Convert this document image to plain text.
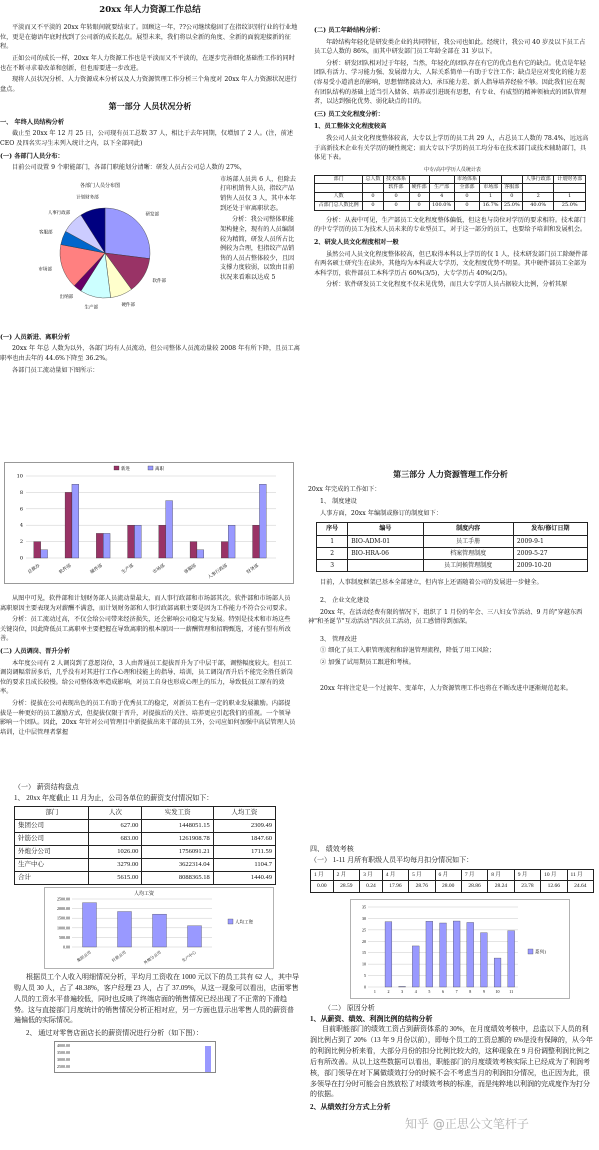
20xx 年人力资源工作总结

平淡而又不平淡的 20xx 年转眼间就要结束了。回顾这一年，??公司继续稳固了在指纹识别行业的行业地位，更是在德语年底时找到了公司新的成长起点。展望未来，我们将以全新的角度、全新的面貌迎接新的征程。

正如公司的成长一样，20xx 年人力资源工作也是平淡而又不平淡的，在逐步完善细化基础性工作的同时也在不断寻求着改革和创新，但也需要进一步改进。

现将人员状况分析、人力资源成本分析以及人力资源管理工作分析三个角度对 20xx 年人力资源状况进行盘点。

第一部分 人员状况分析
一、 年终人员结构分析

截止至 20xx 年 12 月 25 日，公司现有员工总数 37 人，相比于去年同期，仅增加了 2 人。(注，前述 CEO 及四名实习生未列入统计之内，以下全部同此)

(一) 各部门人员分布：

目前公司设置 9 个职能部门，各部门职能划分清晰：研发人员占公司总人数的 27%，

各部门人员分布图
研发部
软件部
硬件部
生产部
出纳部
市场部
客服部
人事行政部
计划财务部

市场部人员共 6 人，但除去打印机销售人员，指纹产品销售人员仅 3 人，其中本年到还处于审离职状态。

分析：我公司整体职能架构健全，现有的人员编制较为精简，研发人员所占比例较为合理，但指纹产品销售的人员占整体较少，且因支撑力度较弱，以致由目前状况来看难以达成 5

(一) 人员新进、离职分析

20xx 年 年总 人数为以外，各部门均有人员流动，但公司整体人员流动量较 2008 年有所下降，且员工离职率也由去年的 44.6%下降至 36.2%。

各部门员工流动量如下图所示：

(二) 员工年龄结构分析：

年龄结构年轻化是研发类企业的共同特征，我公司也如此。经统计，我公司 40 岁及以下员工占员工总人数的 86%，而其中研发部门员工年龄全部在 31 岁以下。

分析：研发团队相对过于年轻，当然，年轻化的团队存在有它的优点也有它的缺点。优点是年轻团队有活力、学习能力强、发展潜力大、人际关系简单一有助于专注工作；缺点是应对变化的能力差(容易受小道消息的影响，思想情绪波动大)、承压能力差、新人指导培养经验不够。因此我们应在现有团队结构的基础上适当引入储备、培养或引进既有思想，有专业、有威望的精神领袖式的团队管理者，以达到强化优势、弱化缺点的目的。

(三) 员工文化程度分析：
1、员工整体文化程度较高

我公司人员文化程度整体较高，大专以上学历的员工共 29 人，占总员工人数的 78.4%，远远高于高新技术企业有关学历的硬性规定；而大专以下学历的员工均分布在技术部门或技术辅助部门，具体见下表。

中专/高中学历人员统计表
部门	总人数	技术体系			市场体系			人事行政部	计划财务部
		软件部	硬件部	生产部	全部部	市场部	客服部		
人数	0	0	0	4	0	1	0	2	1
占部门总人数比例	0	0	0	100.0%	0	16.7%	25.0%	40.0%	25.0%

分析：从表中可见，生产部员工文化程度整体偏低，但这也与岗位对学历的要求相符。技术部门的中专学历的员工为技术人员未来的专业型员工，对于这一部分的员工，也要给予培训和发展机会。

2、研发人员文化程度相对一般

虽然公司人员文化程度整体较高，但已取得本科以上学历的仅 1 人，技术研发部门员工除硬件部有两名硕士研究生在读外，其他均为本科或大专学历，文化程度优势不明显。其中硬件部员工全部为本科学历，软件部员工本科学历占 60%(3/5)，大专学历占 40%(2/5)。

分析：软件研发员工文化程度不仅未见优势，而且大专学历人员占据较大比例，分析其原

0
2
4
6
8
10
总裁办	软件部	硬件部	生产部	市场部	客服部 人事行政部	财务部
新进	离职

从图中可见，软件部和计划财务部人员流动量最大，而人事行政部和市场部其次。软件部和市场部人员离职原因主要表现为对薪酬不满意，而计划财务部和人事行政部离职主要是因为工作能力不符合公司要求。

分析：员工流动过高，不仅会给公司带来经济损失，还会影响公司稳定与发展。特别是技术和市场这些关键岗位，因此降低员工离职率主要把握在导致离职的根本原因一一薪酬管理和招聘甄选，才能有望有所改善。

(二) 人员调岗、晋升分析

本年度公司有 2 人调岗到了意愿岗位，3 人由普通员工提拔晋升为了中层干部，调整幅度较大。但员工调岗调幅常居多后，几乎没有对其进行工作心理和技能上的指导、培训，员工调岗/晋升后不能完全胜任新岗位的要求且成长较慢。给公司整体效率造成影响，对员工自身也形成心理上的压力，导致低员工原有的效率。

分析：提拔在公司表现出色的员工有助于优秀员工的稳定，对新员工也有一定的职业发展激励。内部提拔是一种更好的员工激励方式，但提拔仅限于晋升，对提拔后的关注、培养更应引起我们的重视。一个领导影响一个团队。因此，20xx 年针对公司管理目中新提拔出来干部的员工外，公司应如何加强中高层管理人员培训，让中层管理者掌握

第三部分 人力资源管理工作分析

20xx 年完成的工作如下：

1、 制度建设

人事方面，20xx 年编制或修订的制度如下：

序号	编号	制度内容	发布/修订日期
1	BIO-ADM-01	员工手册	2009-9-1
2	BIO-HRA-06	档案管理制度	2009-5-27
3		员工问候管理制度	2009-10-20

目前，人事制度框架已基本全部建立，但内容上还需随着公司的发展进一步健全。

2、 企业文化建设

20xx 年，在活动经费有限的情况下，组织了 1 月份的年会、三八妇女节活动、9 月的"穿越东西神"和圣诞节"互动活动"四次员工活动，员工感情得到加深。

3、 管理改进

① 细化了员工入职管理流程和辞退管理流程，降低了用工风险；

② 加强了试用期员工跟进和考核。

20xx 年将注定是一个过渡年、变革年，人力资源管理工作也将在不断改进中逐渐规范起来。

（一） 薪资结构盘点
1、 20xx 年度截止 11 月为止，公司各单位的薪资支付情况如下：
部门	人次	实发工资	人均工资
集团公司	627.00	1448051.15	2309.49
针筋公司	683.00	1261908.78	1847.60
外炮分公司	1026.00	1756091.21	1711.59
生产中心	3279.00	3622314.04	1104.7
合计	5615.00	8088365.18	1440.49
人均工资
0.00
500.00
1000.00
1500.00
2000.00
2500.00
集团公司	针筋公司	外炮分公司	生产中心
人均工资

根据员工个人收入明细情况分析，平均月工资收在 1000 元以下的员工共有 62 人，其中导购人员 30 人，占了 48.38%，客户经理 23 人，占了 37.09%，从这一现象可以看出，店面零售人员的工资水平普遍较低，同时也反映了终端店面的销售情况已经出现了不正常的下滑趋势。这与直接部门月度统计的销售情况分析正相对应，另一方面也显示出零售人员的薪资普遍偏低的实际情况。

2、 通过对零售店面店长的薪资情况进行分析（如下图）：

4000.00
3500.00
3000.00
2500.00
四、 绩效考核
（一） 1-11 月所有职级人员平均每月扣分情况如下：
1 月	2 月	3 月	4 月	5 月	6 月	7 月	8 月	9 月	10 月	11 月
0.00	28.59	0.24	17.96	28.76	28.00	28.86	28.24	23.78	12.66	24.64
0
5
10
15
20
25
30
35
1	2	3	4	5	6	7	8	9	10 11
系列1
（二） 原因分析
1、从薪资、绩效、利润比例的结构分析

目前职能部门的绩效工资占到薪资体系的 30%，在月度绩效考核中，总监以下人员的利润比例占到了 20%（13 年 9 月份以前），即每个员工的工资总额的 6%是没有保障的，从今年的利润比例分析来看，大部分月份的扣分比例比较大的，这种现象在 9 月份调整利润比例之后有所改善。从以上这些数据可以看出，职能部门的月度绩效考核实际上已经成为了利润考核，部门领导在对下属做绩效打分的时候不会不考虑当月的利润扣分情况，也正因为此，很多领导在打分时可能会自然放松了对绩效考核的标准，而是纯粹地以利润的完成度作为打分的依据。

2、从绩效打分方式上分析
知乎 @正思公文笔杆子
